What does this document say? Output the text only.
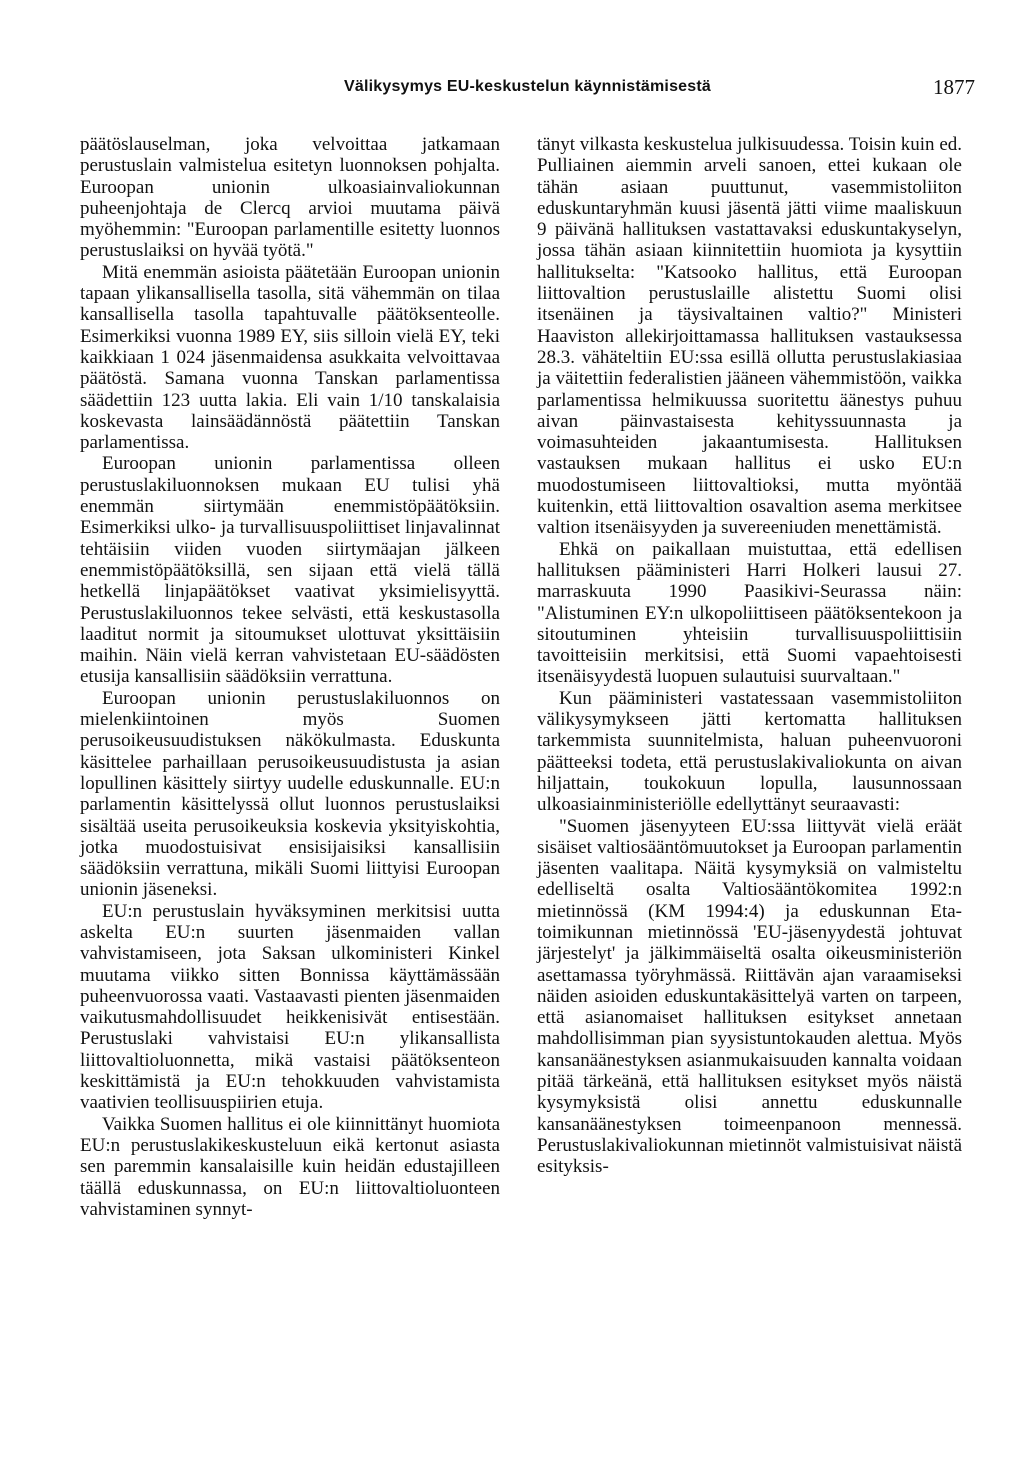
Välikysymys EU-keskustelun käynnistämisestä	1877

päätöslauselman, joka velvoittaa jatkamaan perustuslain valmistelua esitetyn luonnoksen pohjalta. Euroopan unionin ulkoasiainvaliokunnan puheenjohtaja de Clercq arvioi muutama päivä myöhemmin: "Euroopan parlamentille esitetty luonnos perustuslaiksi on hyvää työtä."

Mitä enemmän asioista päätetään Euroopan unionin tapaan ylikansallisella tasolla, sitä vähemmän on tilaa kansallisella tasolla tapahtuvalle päätöksenteolle. Esimerkiksi vuonna 1989 EY, siis silloin vielä EY, teki kaikkiaan 1 024 jäsenmaidensa asukkaita velvoittavaa päätöstä. Samana vuonna Tanskan parlamentissa säädettiin 123 uutta lakia. Eli vain 1/10 tanskalaisia koskevasta lainsäädännöstä päätettiin Tanskan parlamentissa.

Euroopan unionin parlamentissa olleen perustuslakiluonnoksen mukaan EU tulisi yhä enemmän siirtymään enemmistöpäätöksiin. Esimerkiksi ulko- ja turvallisuuspoliittiset linjavalinnat tehtäisiin viiden vuoden siirtymäajan jälkeen enemmistöpäätöksillä, sen sijaan että vielä tällä hetkellä linjapäätökset vaativat yksimielisyyttä. Perustuslakiluonnos tekee selvästi, että keskustasolla laaditut normit ja sitoumukset ulottuvat yksittäisiin maihin. Näin vielä kerran vahvistetaan EU-säädösten etusija kansallisiin säädöksiin verrattuna.

Euroopan unionin perustuslakiluonnos on mielenkiintoinen myös Suomen perusoikeusuudistuksen näkökulmasta. Eduskunta käsittelee parhaillaan perusoikeusuudistusta ja asian lopullinen käsittely siirtyy uudelle eduskunnalle. EU:n parlamentin käsittelyssä ollut luonnos perustuslaiksi sisältää useita perusoikeuksia koskevia yksityiskohtia, jotka muodostuisivat ensisijaisiksi kansallisiin säädöksiin verrattuna, mikäli Suomi liittyisi Euroopan unionin jäseneksi.

EU:n perustuslain hyväksyminen merkitsisi uutta askelta EU:n suurten jäsenmaiden vallan vahvistamiseen, jota Saksan ulkoministeri Kinkel muutama viikko sitten Bonnissa käyttämässään puheenvuorossa vaati. Vastaavasti pienten jäsenmaiden vaikutusmahdollisuudet heikkenisivät entisestään. Perustuslaki vahvistaisi EU:n ylikansallista liittovaltioluonnetta, mikä vastaisi päätöksenteon keskittämistä ja EU:n tehokkuuden vahvistamista vaativien teollisuuspiirien etuja.

Vaikka Suomen hallitus ei ole kiinnittänyt huomiota EU:n perustuslakikeskusteluun eikä kertonut asiasta sen paremmin kansalaisille kuin heidän edustajilleen täällä eduskunnassa, on EU:n liittovaltioluonteen vahvistaminen synnyt-

tänyt vilkasta keskustelua julkisuudessa. Toisin kuin ed. Pulliainen aiemmin arveli sanoen, ettei kukaan ole tähän asiaan puuttunut, vasemmistoliiton eduskuntaryhmän kuusi jäsentä jätti viime maaliskuun 9 päivänä hallituksen vastattavaksi eduskuntakyselyn, jossa tähän asiaan kiinnitettiin huomiota ja kysyttiin hallitukselta: "Katsooko hallitus, että Euroopan liittovaltion perustuslaille alistettu Suomi olisi itsenäinen ja täysivaltainen valtio?" Ministeri Haaviston allekirjoittamassa hallituksen vastauksessa 28.3. vähäteltiin EU:ssa esillä ollutta perustuslakiasiaa ja väitettiin federalistien jääneen vähemmistöön, vaikka parlamentissa helmikuussa suoritettu äänestys puhuu aivan päinvastaisesta kehityssuunnasta ja voimasuhteiden jakaantumisesta. Hallituksen vastauksen mukaan hallitus ei usko EU:n muodostumiseen liittovaltioksi, mutta myöntää kuitenkin, että liittovaltion osavaltion asema merkitsee valtion itsenäisyyden ja suvereeniuden menettämistä.

Ehkä on paikallaan muistuttaa, että edellisen hallituksen pääministeri Harri Holkeri lausui 27. marraskuuta 1990 Paasikivi-Seurassa näin: "Alistuminen EY:n ulkopoliittiseen päätöksentekoon ja sitoutuminen yhteisiin turvallisuuspoliittisiin tavoitteisiin merkitsisi, että Suomi vapaehtoisesti itsenäisyydestä luopuen sulautuisi suurvaltaan."

Kun pääministeri vastatessaan vasemmistoliiton välikysymykseen jätti kertomatta hallituksen tarkemmista suunnitelmista, haluan puheenvuoroni päätteeksi todeta, että perustuslakivaliokunta on aivan hiljattain, toukokuun lopulla, lausunnossaan ulkoasiainministeriölle edellyttänyt seuraavasti:

"Suomen jäsenyyteen EU:ssa liittyvät vielä eräät sisäiset valtiosääntömuutokset ja Euroopan parlamentin jäsenten vaalitapa. Näitä kysymyksiä on valmisteltu edelliseltä osalta Valtiosääntökomitea 1992:n mietinnössä (KM 1994:4) ja eduskunnan Eta-toimikunnan mietinnössä 'EU-jäsenyydestä johtuvat järjestelyt' ja jälkimmäiseltä osalta oikeusministeriön asettamassa työryhmässä. Riittävän ajan varaamiseksi näiden asioiden eduskuntakäsittelyä varten on tarpeen, että asianomaiset hallituksen esitykset annetaan mahdollisimman pian syysistuntokauden alettua. Myös kansanäänestyksen asianmukaisuuden kannalta voidaan pitää tärkeänä, että hallituksen esitykset myös näistä kysymyksistä olisi annettu eduskunnalle kansanäänestyksen toimeenpanoon mennessä. Perustuslakivaliokunnan mietinnöt valmistuisivat näistä esityksis-
